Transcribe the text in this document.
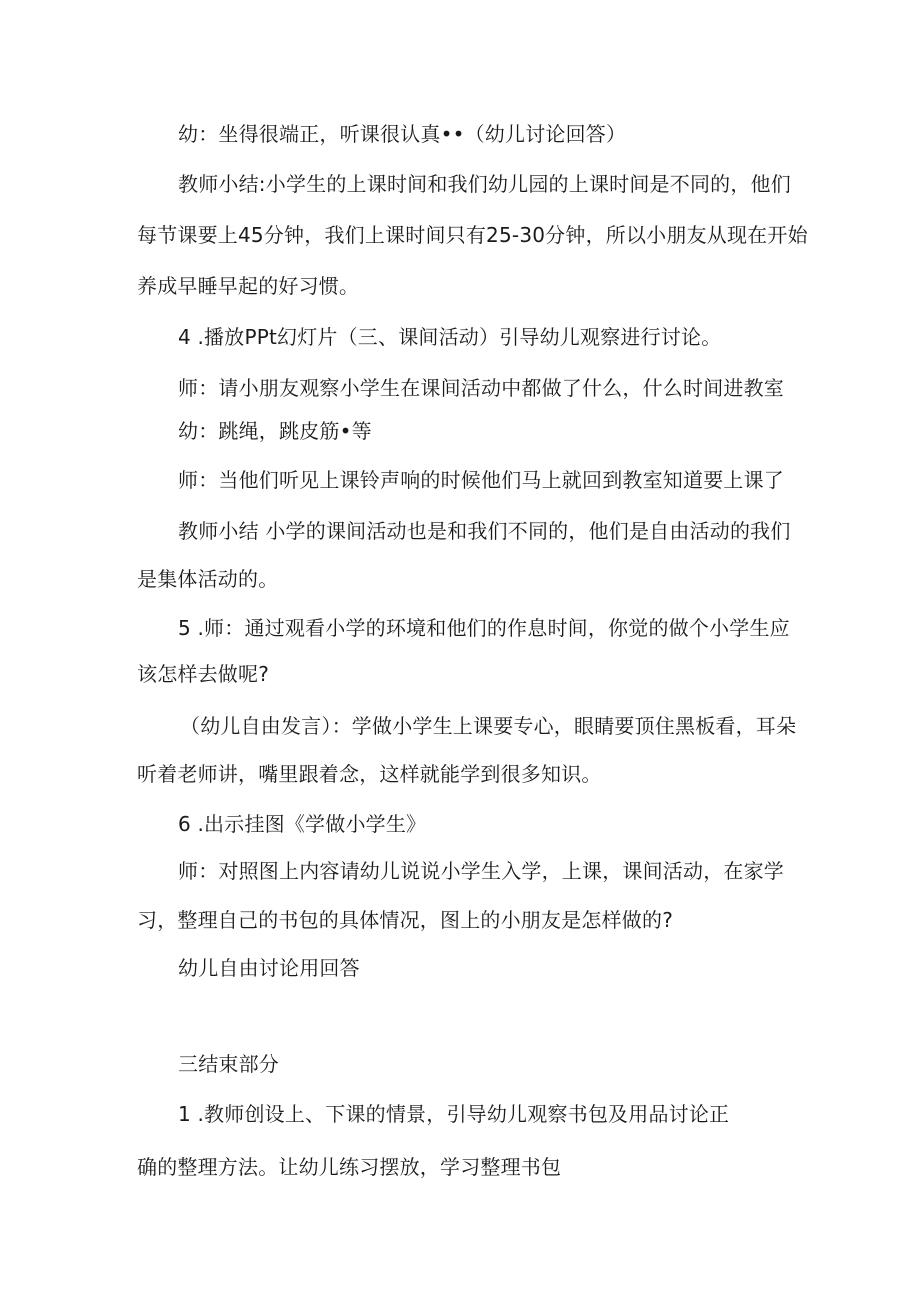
幼：坐得很端正，听课很认真••（幼儿讨论回答）
教师小结:小学生的上课时间和我们幼儿园的上课时间是不同的，他们
每节课要上45分钟，我们上课时间只有25-30分钟，所以小朋友从现在开始
养成早睡早起的好习惯。
4 .播放PPt幻灯片（三、课间活动）引导幼儿观察进行讨论。
师：请小朋友观察小学生在课间活动中都做了什么，什么时间进教室
幼：跳绳，跳皮筋•等
师：当他们听见上课铃声响的时候他们马上就回到教室知道要上课了
教师小结 小学的课间活动也是和我们不同的，他们是自由活动的我们
是集体活动的。
5 .师：通过观看小学的环境和他们的作息时间，你觉的做个小学生应
该怎样去做呢?
（幼儿自由发言）：学做小学生上课要专心，眼睛要顶住黑板看，耳朵
听着老师讲，嘴里跟着念，这样就能学到很多知识。
6 .出示挂图《学做小学生》
师：对照图上内容请幼儿说说小学生入学，上课，课间活动，在家学
习，整理自己的书包的具体情况，图上的小朋友是怎样做的?
幼儿自由讨论用回答
三结束部分
1 .教师创设上、下课的情景，引导幼儿观察书包及用品讨论正
确的整理方法。让幼儿练习摆放，学习整理书包
